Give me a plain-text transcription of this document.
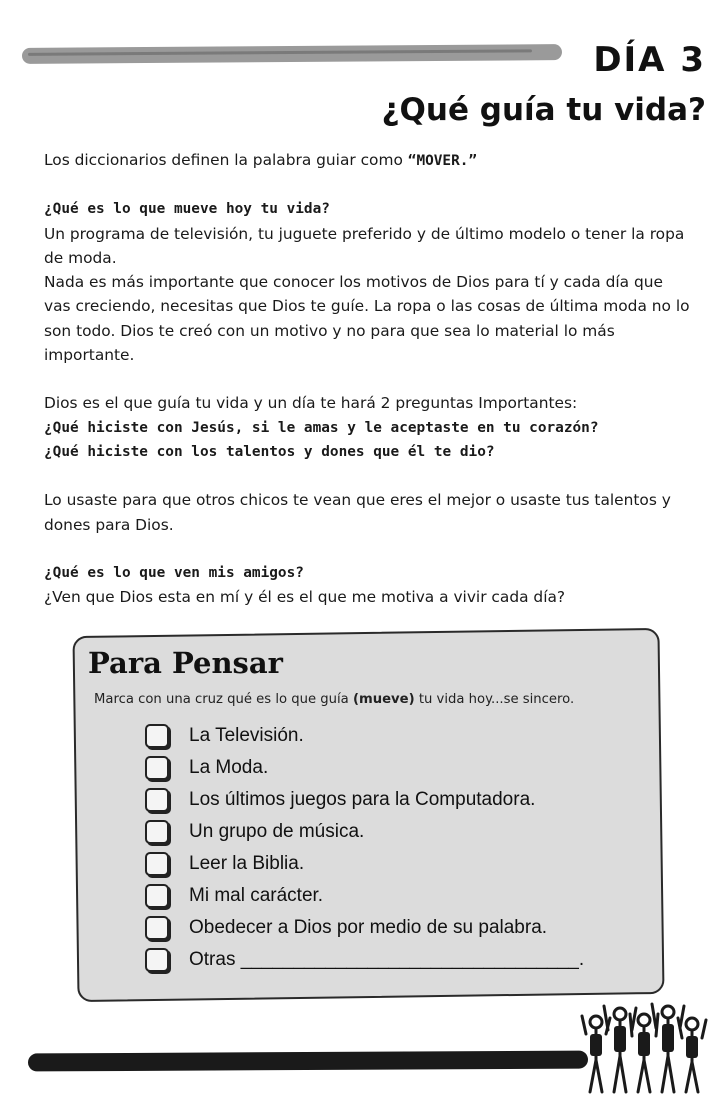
DÍA 3
¿Qué guía tu vida?

Los diccionarios definen la palabra guiar como “MOVER.”

¿Qué es lo que mueve hoy tu vida?

Un programa de televisión, tu juguete preferido y de último modelo o tener la ropa de moda.

Nada es más importante que conocer los motivos de Dios para tí y cada día que vas creciendo, necesitas que Dios te guíe. La ropa o las cosas de última moda no lo son todo. Dios te creó con un motivo y no para que sea lo material lo más importante.

Dios es el que guía tu vida y un día te hará 2 preguntas Importantes:

¿Qué hiciste con Jesús, si le amas y le aceptaste en tu corazón?

¿Qué hiciste con los talentos y dones que él te dio?

Lo usaste para que otros chicos te vean que eres el mejor o usaste tus talentos y dones para Dios.

¿Qué es lo que ven mis amigos?

¿Ven que Dios esta en mí y él es el que me motiva a vivir cada día?

Para Pensar

Marca con una cruz qué es lo que guía (mueve) tu vida hoy...se sincero.

La Televisión.
La Moda.
Los últimos juegos para la Computadora.
Un grupo de música.
Leer la Biblia.
Mi mal carácter.
Obedecer a Dios por medio de su palabra.
Otras ________________________________.
